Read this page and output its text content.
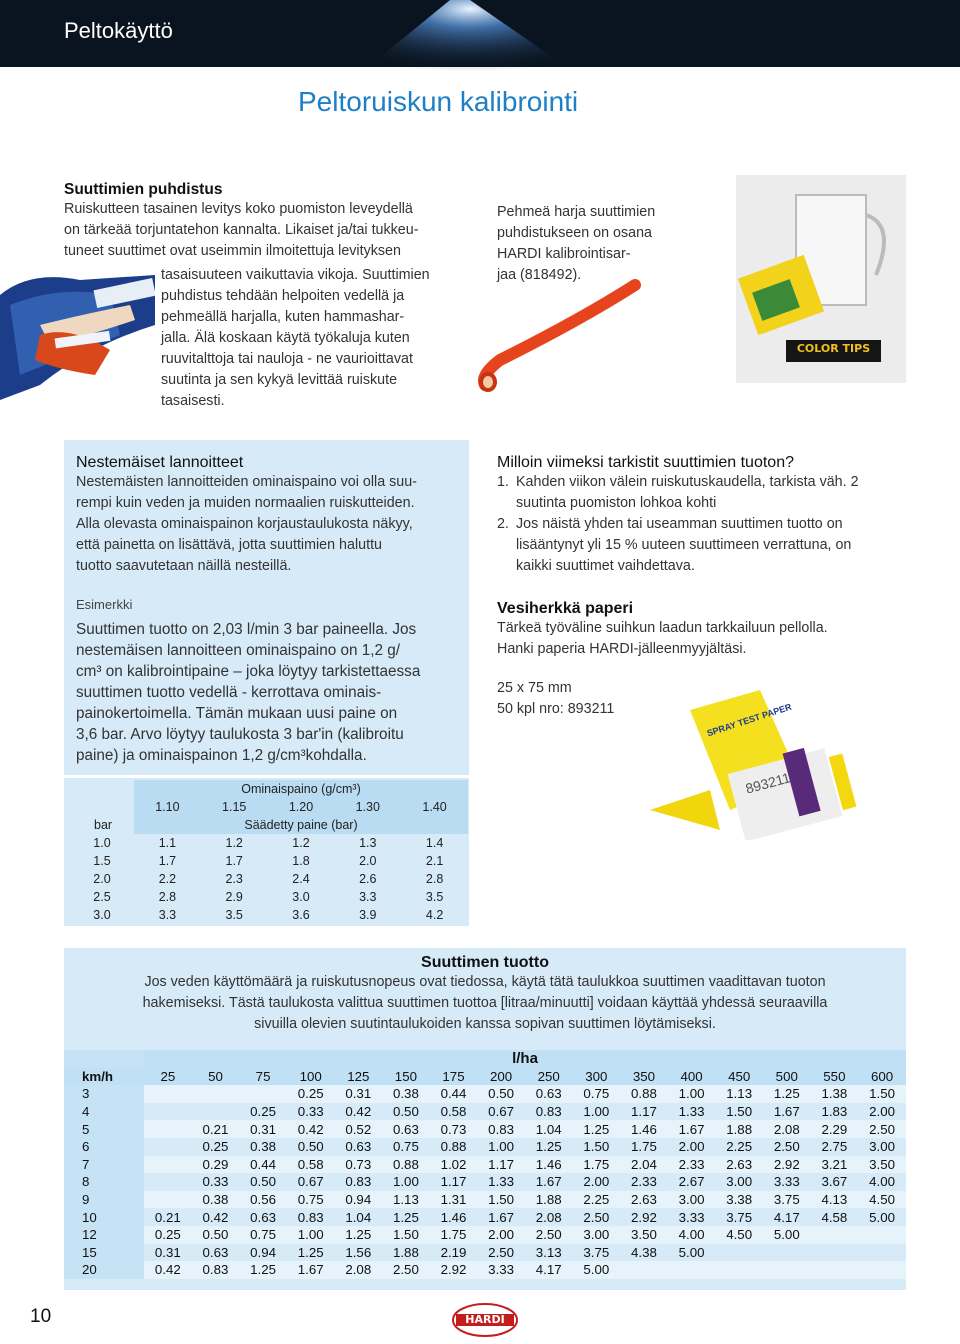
Peltokäyttö
Peltoruiskun kalibrointi
Suuttimien puhdistus
Ruiskutteen tasainen levitys koko puomiston leveydellä
on tärkeää torjuntatehon kannalta. Likaiset ja/tai tukkeu-
tuneet suuttimet ovat useimmin ilmoitettuja levityksen
tasaisuuteen vaikuttavia vikoja. Suuttimien
puhdistus tehdään helpoiten vedellä ja
pehmeällä harjalla, kuten hammashar-
jalla. Älä koskaan käytä työkaluja kuten
ruuvitalttoja tai nauloja - ne vaurioittavat
suutinta ja sen kykyä levittää ruiskute
tasaisesti.
Pehmeä harja suuttimien
puhdistukseen on osana
HARDI kalibrointisar-
jaa (818492).
COLOR TIPS
Nestemäiset lannoitteet
Nestemäisten lannoitteiden ominaispaino voi olla suu-
rempi kuin veden ja muiden normaalien ruiskutteiden.
Alla olevasta ominaispainon korjaustaulukosta näkyy,
että painetta on lisättävä, jotta suuttimien haluttu
tuotto saavutetaan näillä nesteillä.
Esimerkki
Suuttimen tuotto on 2,03 l/min 3 bar paineella. Jos
nestemäisen lannoitteen ominaispaino on 1,2 g/
cm³ on kalibrointipaine – joka löytyy tarkistettaessa
suuttimen tuotto vedellä - kerrottava ominais-
painokertoimella. Tämän mukaan uusi paine on
3,6 bar. Arvo löytyy taulukosta 3 bar'in (kalibroitu
paine) ja ominaispainon 1,2 g/cm³kohdalla.
	Ominaispaino (g/cm³)				
	1.10	1.15	1.20	1.30	1.40
bar	Säädetty paine (bar)				
1.0	1.1	1.2	1.2	1.3	1.4
1.5	1.7	1.7	1.8	2.0	2.1
2.0	2.2	2.3	2.4	2.6	2.8
2.5	2.8	2.9	3.0	3.3	3.5
3.0	3.3	3.5	3.6	3.9	4.2
Milloin viimeksi tarkistit suuttimien tuoton?
1. Kahden viikon välein ruiskutuskaudella, tarkista väh. 2
suutinta puomiston lohkoa kohti
2. Jos näistä yhden tai useamman suuttimen tuotto on
lisääntynyt yli 15 % uuteen suuttimeen verrattuna, on
kaikki suuttimet vaihdettava.
Vesiherkkä paperi
Tärkeä työväline suihkun laadun tarkkailuun pellolla.
Hanki paperia HARDI-jälleenmyyjältäsi.
25 x 75 mm
50 kpl nro: 893211	SPRAY TEST PAPER
893211
Suuttimen tuotto
Jos veden käyttömäärä ja ruiskutusnopeus ovat tiedossa, käytä tätä taulukkoa suuttimen vaadittavan tuoton
hakemiseksi. Tästä taulukosta valittua suuttimen tuottoa [litraa/minuutti] voidaan käyttää yhdessä seuraavilla
sivuilla olevien suutintaulukoiden kanssa sopivan suuttimen löytämiseksi.
	l/ha															
km/h	25	50	75	100	125	150	175	200	250	300	350	400	450	500	550	600
3				0.25	0.31	0.38	0.44	0.50	0.63	0.75	0.88	1.00	1.13	1.25	1.38	1.50
4			0.25	0.33	0.42	0.50	0.58	0.67	0.83	1.00	1.17	1.33	1.50	1.67	1.83	2.00
5		0.21	0.31	0.42	0.52	0.63	0.73	0.83	1.04	1.25	1.46	1.67	1.88	2.08	2.29	2.50
6		0.25	0.38	0.50	0.63	0.75	0.88	1.00	1.25	1.50	1.75	2.00	2.25	2.50	2.75	3.00
7		0.29	0.44	0.58	0.73	0.88	1.02	1.17	1.46	1.75	2.04	2.33	2.63	2.92	3.21	3.50
8		0.33	0.50	0.67	0.83	1.00	1.17	1.33	1.67	2.00	2.33	2.67	3.00	3.33	3.67	4.00
9		0.38	0.56	0.75	0.94	1.13	1.31	1.50	1.88	2.25	2.63	3.00	3.38	3.75	4.13	4.50
10	0.21	0.42	0.63	0.83	1.04	1.25	1.46	1.67	2.08	2.50	2.92	3.33	3.75	4.17	4.58	5.00
12	0.25	0.50	0.75	1.00	1.25	1.50	1.75	2.00	2.50	3.00	3.50	4.00	4.50	5.00		
15	0.31	0.63	0.94	1.25	1.56	1.88	2.19	2.50	3.13	3.75	4.38	5.00				
20	0.42	0.83	1.25	1.67	2.08	2.50	2.92	3.33	4.17	5.00						
10	HARDI
